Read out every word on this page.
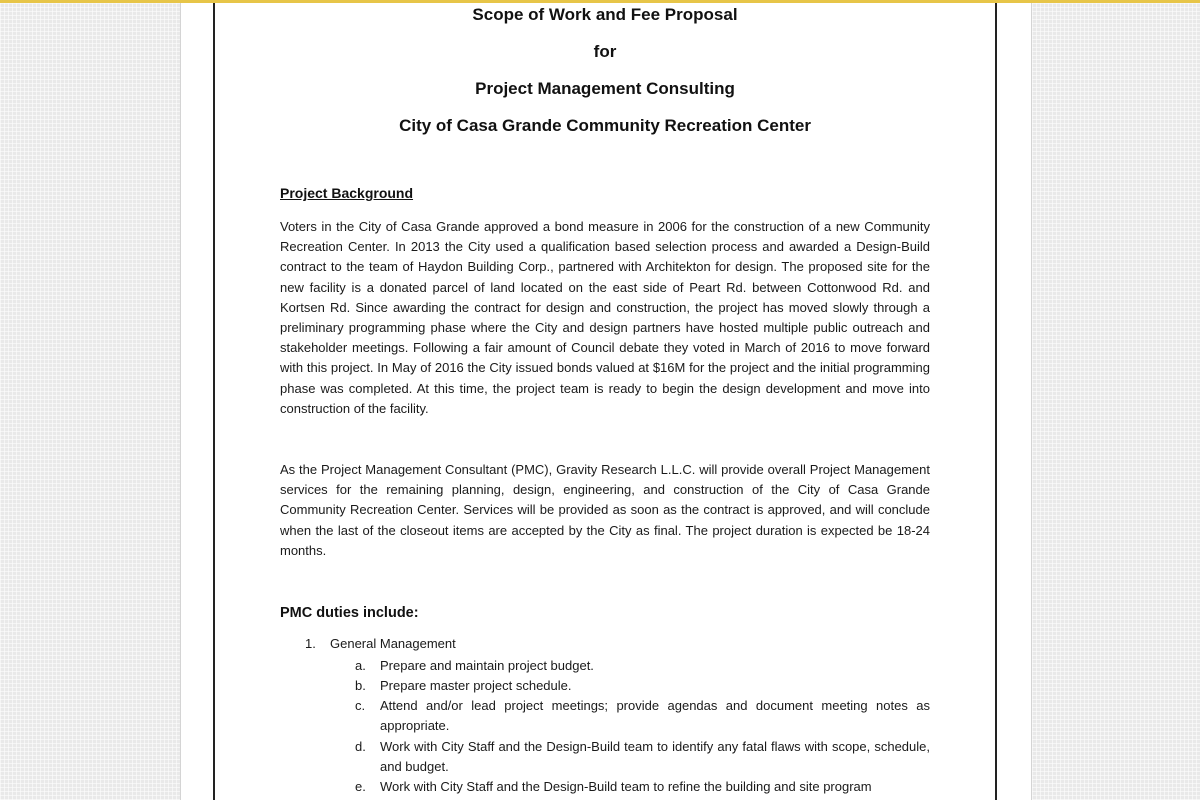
Scope of Work and Fee Proposal
for
Project Management Consulting
City of Casa Grande Community Recreation Center
Project Background

Voters in the City of Casa Grande approved a bond measure in 2006 for the construction of a new Community Recreation Center. In 2013 the City used a qualification based selection process and awarded a Design-Build contract to the team of Haydon Building Corp., partnered with Architekton for design. The proposed site for the new facility is a donated parcel of land located on the east side of Peart Rd. between Cottonwood Rd. and Kortsen Rd. Since awarding the contract for design and construction, the project has moved slowly through a preliminary programming phase where the City and design partners have hosted multiple public outreach and stakeholder meetings. Following a fair amount of Council debate they voted in March of 2016 to move forward with this project. In May of 2016 the City issued bonds valued at $16M for the project and the initial programming phase was completed. At this time, the project team is ready to begin the design development and move into construction of the facility.

As the Project Management Consultant (PMC), Gravity Research L.L.C. will provide overall Project Management services for the remaining planning, design, engineering, and construction of the City of Casa Grande Community Recreation Center. Services will be provided as soon as the contract is approved, and will conclude when the last of the closeout items are accepted by the City as final. The project duration is expected be 18-24 months.

PMC duties include:
1. General Management
a. Prepare and maintain project budget.
b. Prepare master project schedule.
c. Attend and/or lead project meetings; provide agendas and document meeting notes as appropriate.
d. Work with City Staff and the Design-Build team to identify any fatal flaws with scope, schedule, and budget.
e. Work with City Staff and the Design-Build team to refine the building and site program
